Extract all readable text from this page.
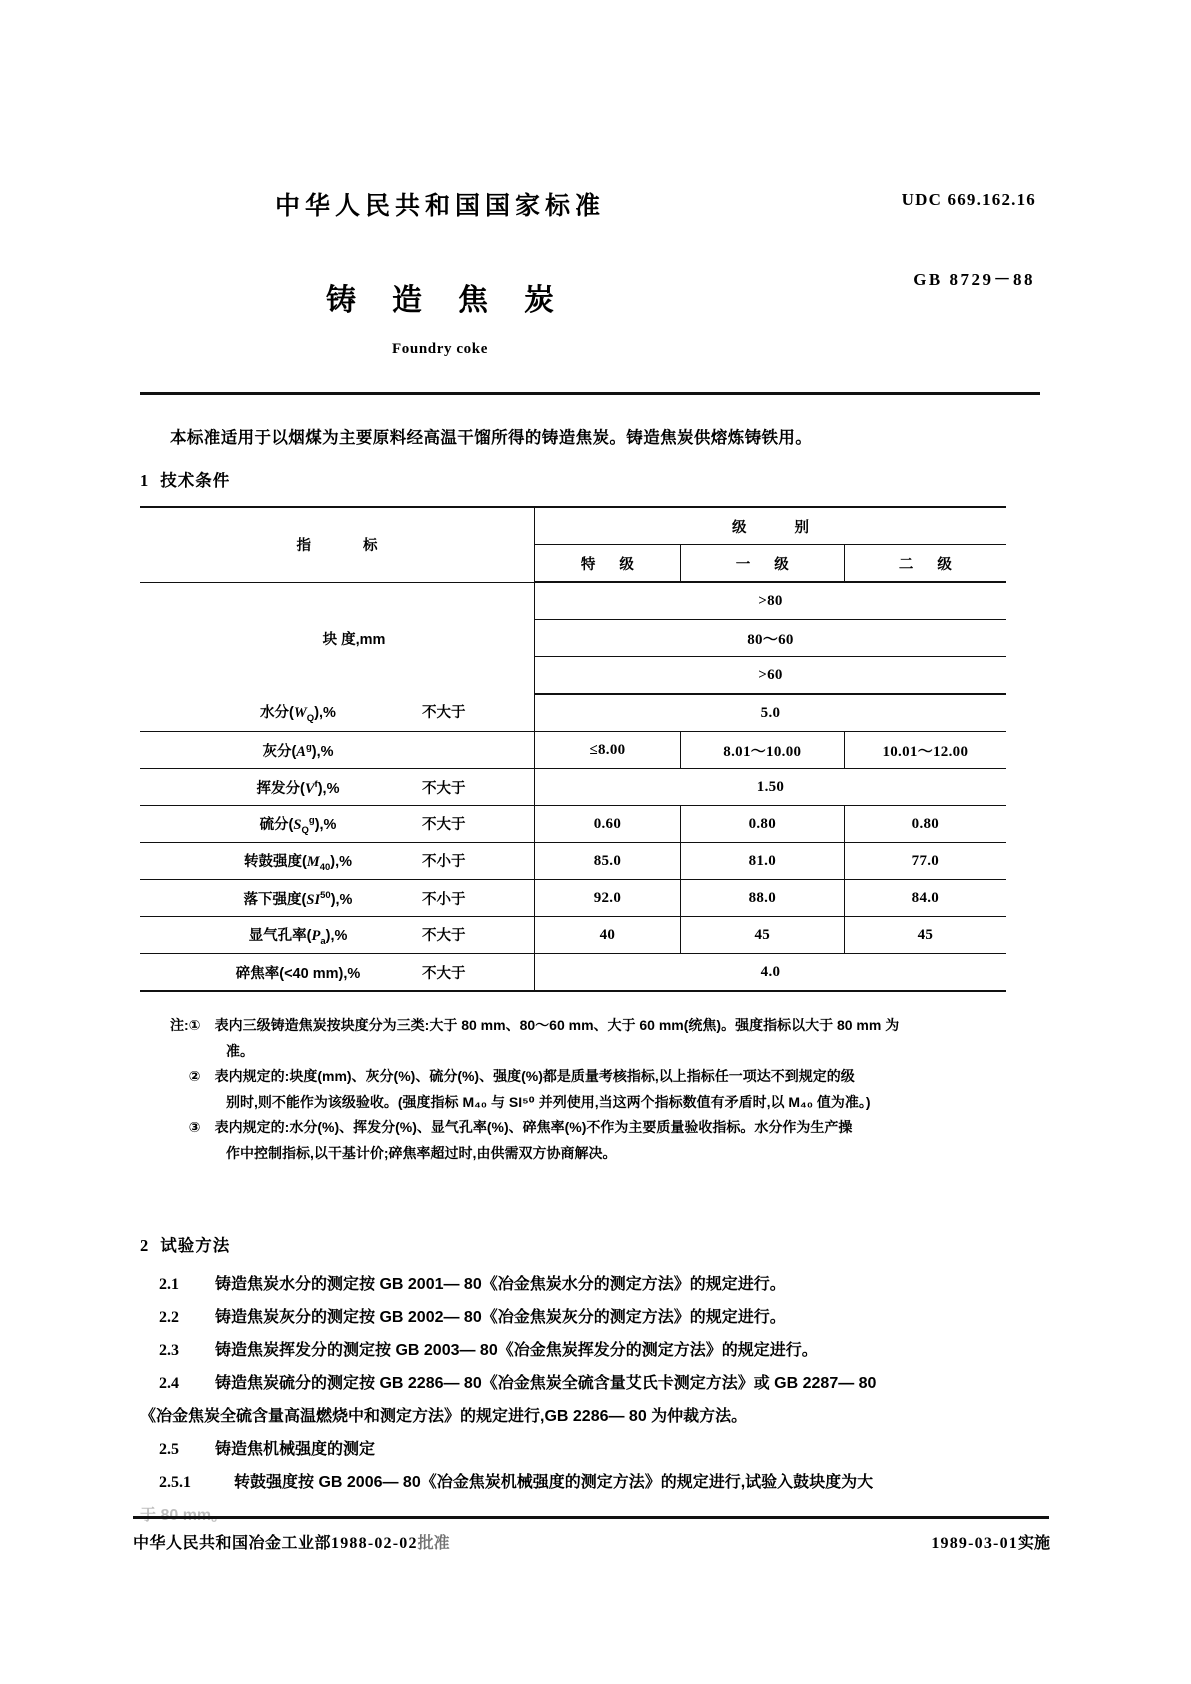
中华人民共和国国家标准	UDC 669.162.16
GB 8729－88
铸造焦炭
Foundry coke
本标准适用于以烟煤为主要原料经高温干馏所得的铸造焦炭。铸造焦炭供熔炼铸铁用。
1 技术条件
指 标	级 别		
	特 级	一 级	二 级
块 度,mm	>80		
	80～60		
	>60		
水分$(W_Q),\%$ 不大于	5.0		
灰分$(A^g),\%$	≤8.00	8.01～10.00	10.01～12.00
挥发分$(V^f),\%$ 不大于	1.50		
硫分$(S_Q^g),\%$ 不大于	0.60	0.80	0.80
转鼓强度$(M_{40}),\%$ 不小于	85.0	81.0	77.0
落下强度(SI$^{50}$),% 不小于	92.0	88.0	84.0
显气孔率$(P_a),\%$ 不大于	40	45	45
碎焦率(<40 mm),% 不大于	4.0		
注: ①	表内三级铸造焦炭按块度分为三类:大于 80 mm、80～60 mm、大于 60 mm(统焦)。强度指标以大于 80 mm 为
准。
②	表内规定的:块度(mm)、灰分(%)、硫分(%)、强度(%)都是质量考核指标,以上指标任一项达不到规定的级
别时,则不能作为该级验收。(强度指标 M₄₀ 与 SI⁵⁰ 并列使用,当这两个指标数值有矛盾时,以 M₄₀ 值为准。)
③	表内规定的:水分(%)、挥发分(%)、显气孔率(%)、碎焦率(%)不作为主要质量验收指标。水分作为生产操
作中控制指标,以干基计价;碎焦率超过时,由供需双方协商解决。
2 试验方法
2.1 铸造焦炭水分的测定按 GB 2001— 80《冶金焦炭水分的测定方法》的规定进行。
2.2 铸造焦炭灰分的测定按 GB 2002— 80《冶金焦炭灰分的测定方法》的规定进行。
2.3 铸造焦炭挥发分的测定按 GB 2003— 80《冶金焦炭挥发分的测定方法》的规定进行。
2.4 铸造焦炭硫分的测定按 GB 2286— 80《冶金焦炭全硫含量艾氏卡测定方法》或 GB 2287— 80
《冶金焦炭全硫含量高温燃烧中和测定方法》的规定进行,GB 2286— 80 为仲裁方法。
2.5 铸造焦机械强度的测定
2.5.1	转鼓强度按 GB 2006— 80《冶金焦炭机械强度的测定方法》的规定进行,试验入鼓块度为大
中华人民共和国冶金工业部1988-02-02批准	1989-03-01实施
